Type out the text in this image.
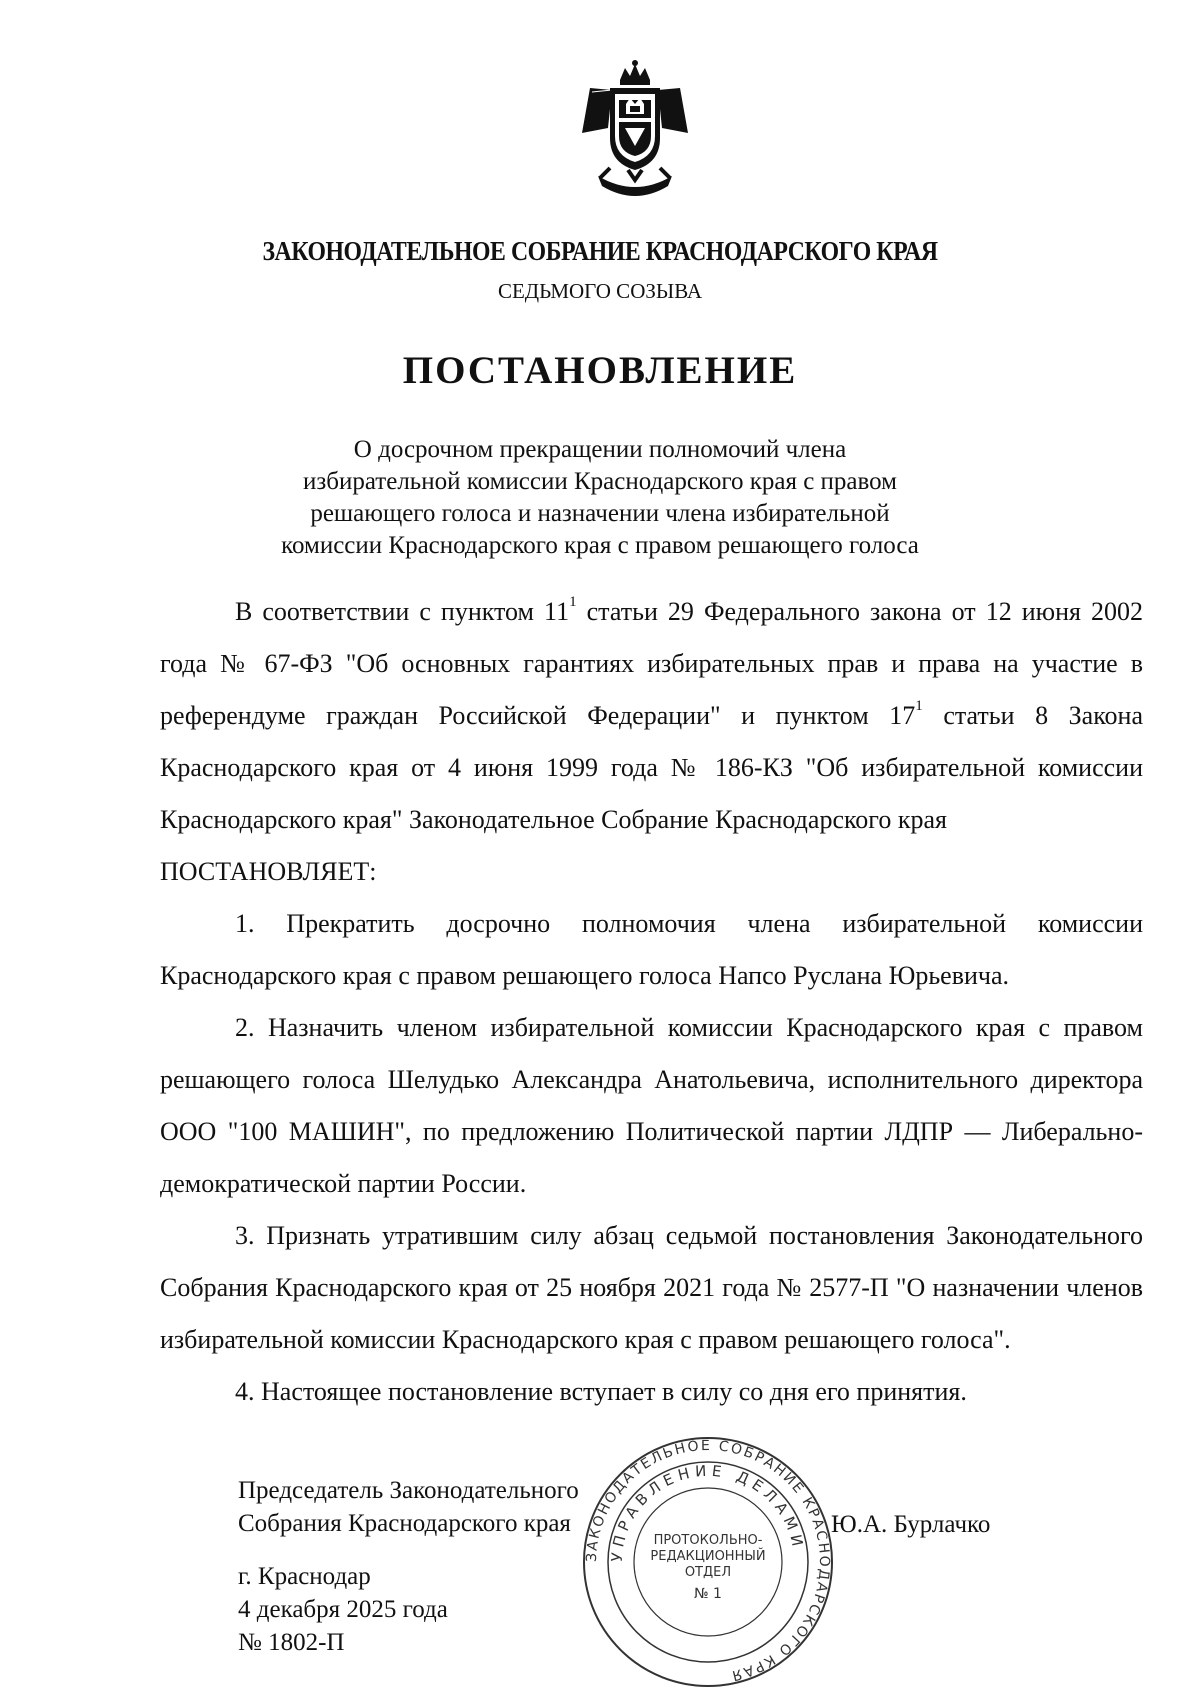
ЗАКОНОДАТЕЛЬНОЕ СОБРАНИЕ КРАСНОДАРСКОГО КРАЯ
СЕДЬМОГО СОЗЫВА
ПОСТАНОВЛЕНИЕ
О досрочном прекращении полномочий члена
избирательной комиссии Краснодарского края с правом
решающего голоса и назначении члена избирательной
комиссии Краснодарского края с правом решающего голоса

В соответствии с пунктом $11^1$ статьи 29 Федерального закона от 12 июня 2002 года № 67-ФЗ "Об основных гарантиях избирательных прав и права на участие в референдуме граждан Российской Федерации" и пунктом $17^1$ статьи 8 Закона Краснодарского края от 4 июня 1999 года № 186-КЗ "Об избирательной комиссии Краснодарского края" Законодательное Собрание Краснодарского края

ПОСТАНОВЛЯЕТ:

1. Прекратить досрочно полномочия члена избирательной комиссии Краснодарского края с правом решающего голоса Напсо Руслана Юрьевича.

2. Назначить членом избирательной комиссии Краснодарского края с правом решающего голоса Шелудько Александра Анатольевича, исполнительного директора ООО "100 МАШИН", по предложению Политической партии ЛДПР — Либерально-демократической партии России.

3. Признать утратившим силу абзац седьмой постановления Законодательного Собрания Краснодарского края от 25 ноября 2021 года № 2577-П "О назначении членов избирательной комиссии Краснодарского края с правом решающего голоса".

4. Настоящее постановление вступает в силу со дня его принятия.

Председатель Законодательного
Собрания Краснодарского края	Ю.А. Бурлачко
г. Краснодар
4 декабря 2025 года
№ 1802-П
ЗАКОНОДАТЕЛЬНОЕ СОБРАНИЕ КРАСНОДАРСКОГО КРАЯ
УПРАВЛЕНИЕ ДЕЛАМИ
ПРОТОКОЛЬНО-
РЕДАКЦИОННЫЙ
ОТДЕЛ
№ 1
